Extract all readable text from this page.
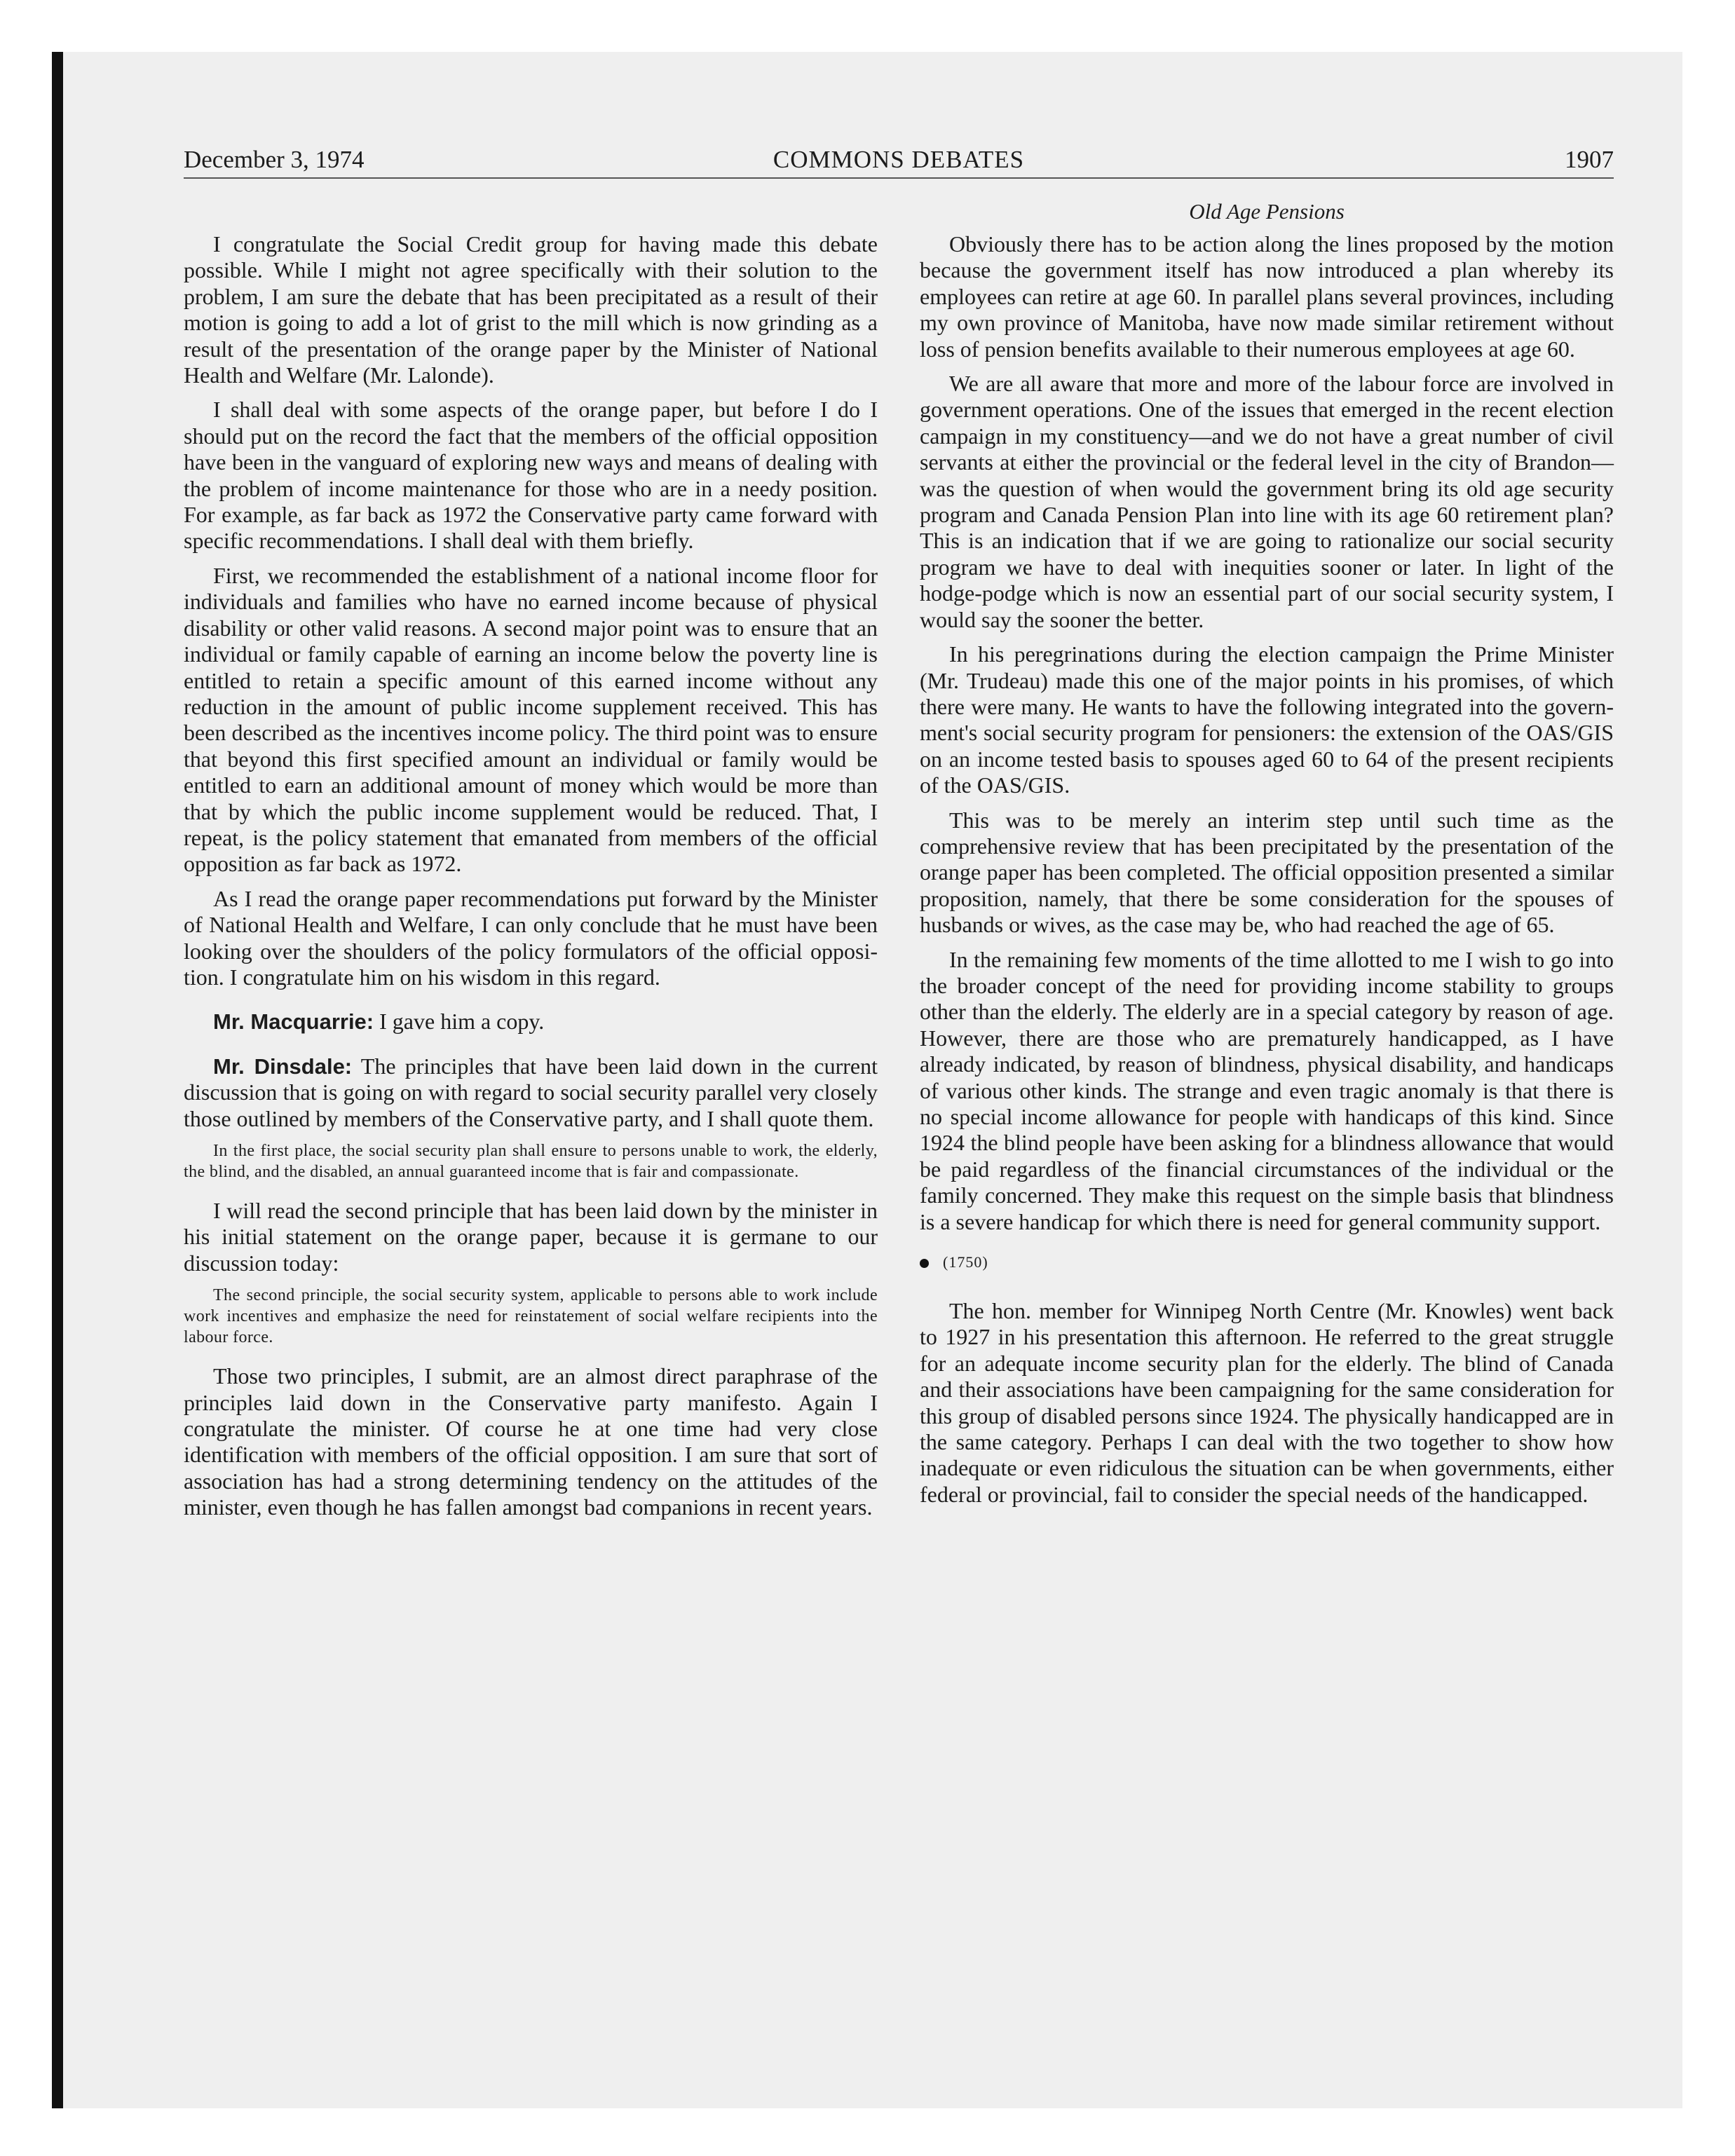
December 3, 1974	COMMONS DEBATES	1907

I congratulate the Social Credit group for having made this debate possible. While I might not agree specifically with their solution to the problem, I am sure the debate that has been precipitated as a result of their motion is going to add a lot of grist to the mill which is now grinding as a result of the presentation of the orange paper by the Minister of National Health and Welfare (Mr. Lalonde).

I shall deal with some aspects of the orange paper, but before I do I should put on the record the fact that the members of the official opposition have been in the vanguard of exploring new ways and means of dealing with the problem of income maintenance for those who are in a needy position. For example, as far back as 1972 the Conservative party came forward with specific recommendations. I shall deal with them briefly.

First, we recommended the establishment of a national income floor for individuals and families who have no earned income because of physical disability or other valid reasons. A second major point was to ensure that an individual or family capable of earning an income below the poverty line is entitled to retain a specific amount of this earned income without any reduction in the amount of public income supplement received. This has been described as the incentives income policy. The third point was to ensure that beyond this first specified amount an individual or family would be entitled to earn an additional amount of money which would be more than that by which the public income supplement would be reduced. That, I repeat, is the policy statement that emanated from members of the official opposition as far back as 1972.

As I read the orange paper recommendations put forward by the Minister of National Health and Welfare, I can only conclude that he must have been looking over the shoulders of the policy formulators of the official opposition. I congratulate him on his wisdom in this regard.

Mr. Macquarrie: I gave him a copy.

Mr. Dinsdale: The principles that have been laid down in the current discussion that is going on with regard to social security parallel very closely those outlined by members of the Conservative party, and I shall quote them.

In the first place, the social security plan shall ensure to persons unable to work, the elderly, the blind, and the disabled, an annual guaranteed income that is fair and compassionate.

I will read the second principle that has been laid down by the minister in his initial statement on the orange paper, because it is germane to our discussion today:

The second principle, the social security system, applicable to persons able to work include work incentives and emphasize the need for reinstatement of social welfare recipients into the labour force.

Those two principles, I submit, are an almost direct paraphrase of the principles laid down in the Conservative party manifesto. Again I congratulate the minister. Of course he at one time had very close identification with members of the official opposition. I am sure that sort of association has had a strong determining tendency on the attitudes of the minister, even though he has fallen amongst bad companions in recent years.

Old Age Pensions

Obviously there has to be action along the lines proposed by the motion because the government itself has now introduced a plan whereby its employees can retire at age 60. In parallel plans several provinces, including my own province of Manitoba, have now made similar retirement without loss of pension benefits available to their numerous employees at age 60.

We are all aware that more and more of the labour force are involved in government operations. One of the issues that emerged in the recent election campaign in my constituency—and we do not have a great number of civil servants at either the provincial or the federal level in the city of Brandon—was the question of when would the government bring its old age security program and Canada Pension Plan into line with its age 60 retirement plan? This is an indication that if we are going to rationalize our social security program we have to deal with inequities sooner or later. In light of the hodge-podge which is now an essential part of our social security system, I would say the sooner the better.

In his peregrinations during the election campaign the Prime Minister (Mr. Trudeau) made this one of the major points in his promises, of which there were many. He wants to have the following integrated into the government's social security program for pensioners: the extension of the OAS/GIS on an income tested basis to spouses aged 60 to 64 of the present recipients of the OAS/GIS.

This was to be merely an interim step until such time as the comprehensive review that has been precipitated by the presentation of the orange paper has been completed. The official opposition presented a similar proposition, namely, that there be some consideration for the spouses of husbands or wives, as the case may be, who had reached the age of 65.

In the remaining few moments of the time allotted to me I wish to go into the broader concept of the need for providing income stability to groups other than the elderly. The elderly are in a special category by reason of age. However, there are those who are prematurely handicapped, as I have already indicated, by reason of blindness, physical disability, and handicaps of various other kinds. The strange and even tragic anomaly is that there is no special income allowance for people with handicaps of this kind. Since 1924 the blind people have been asking for a blindness allowance that would be paid regardless of the financial circumstances of the individual or the family concerned. They make this request on the simple basis that blindness is a severe handicap for which there is need for general community support.

(1750)

The hon. member for Winnipeg North Centre (Mr. Knowles) went back to 1927 in his presentation this afternoon. He referred to the great struggle for an adequate income security plan for the elderly. The blind of Canada and their associations have been campaigning for the same consideration for this group of disabled persons since 1924. The physically handicapped are in the same category. Perhaps I can deal with the two together to show how inadequate or even ridiculous the situation can be when governments, either federal or provincial, fail to consider the special needs of the handicapped.
